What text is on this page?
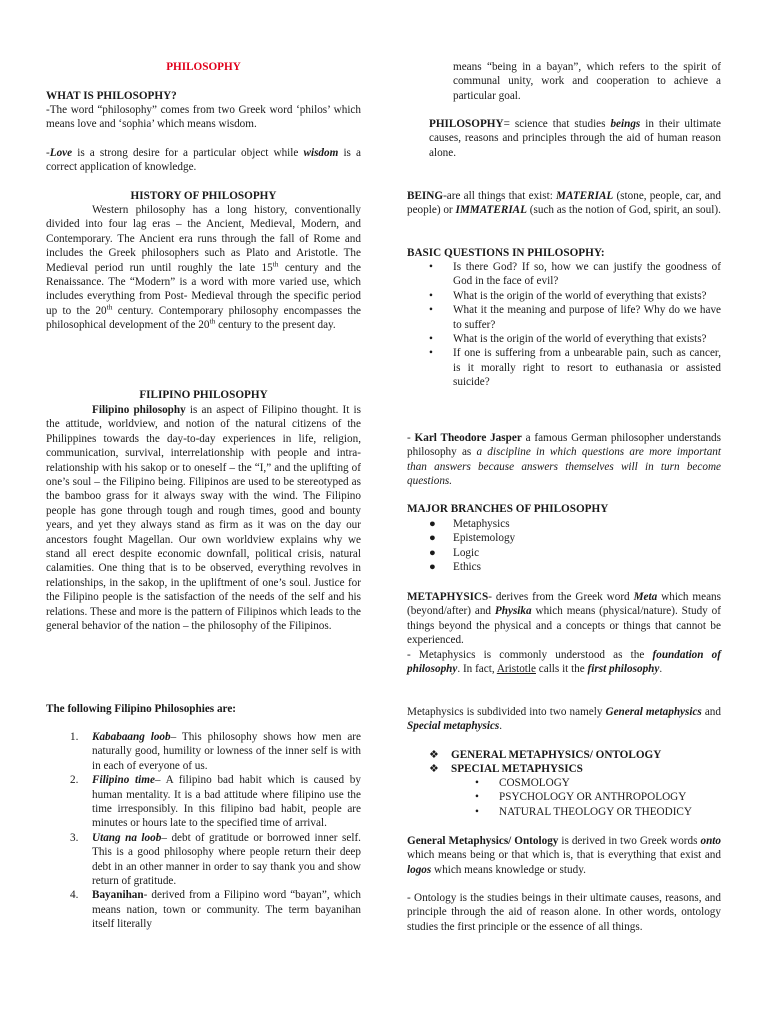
PHILOSOPHY

WHAT IS PHILOSOPHY?

-The word “philosophy” comes from two Greek word ‘philos’ which means love and ‘sophia’ which means wisdom.

-Love is a strong desire for a particular object while wisdom is a correct application of knowledge.

HISTORY OF PHILOSOPHY

Western philosophy has a long history, conventionally divided into four lag eras – the Ancient, Medieval, Modern, and Contemporary. The Ancient era runs through the fall of Rome and includes the Greek philosophers such as Plato and Aristotle. The Medieval period run until roughly the late 15th century and the Renaissance. The “Modern” is a word with more varied use, which includes everything from Post- Medieval through the specific period up to the 20th century. Contemporary philosophy encompasses the philosophical development of the 20th century to the present day.

FILIPINO PHILOSOPHY

Filipino philosophy is an aspect of Filipino thought. It is the attitude, worldview, and notion of the natural citizens of the Philippines towards the day-to-day experiences in life, religion, communication, survival, interrelationship with people and intra-relationship with his sakop or to oneself – the “I,” and the uplifting of one’s soul – the Filipino being. Filipinos are used to be stereotyped as the bamboo grass for it always sway with the wind. The Filipino people has gone through tough and rough times, good and bounty years, and yet they always stand as firm as it was on the day our ancestors fought Magellan. Our own worldview explains why we stand all erect despite economic downfall, political crisis, natural calamities. One thing that is to be observed, everything revolves in relationships, in the sakop, in the upliftment of one’s soul. Justice for the Filipino people is the satisfaction of the needs of the self and his relations. These and more is the pattern of Filipinos which leads to the general behavior of the nation – the philosophy of the Filipinos.

The following Filipino Philosophies are:

1. Kababaang loob– This philosophy shows how men are naturally good, humility or lowness of the inner self is with in each of everyone of us.
2. Filipino time– A filipino bad habit which is caused by human mentality. It is a bad attitude where filipino use the time irresponsibly. In this filipino bad habit, people are minutes or hours late to the specified time of arrival.
3. Utang na loob– debt of gratitude or borrowed inner self. This is a good philosophy where people return their deep debt in an other manner in order to say thank you and show return of gratitude.
4. Bayanihan- derived from a Filipino word “bayan”, which means nation, town or community. The term bayanihan itself literally

means “being in a bayan”, which refers to the spirit of communal unity, work and cooperation to achieve a particular goal.

PHILOSOPHY= science that studies beings in their ultimate causes, reasons and principles through the aid of human reason alone.

BEING-are all things that exist: MATERIAL (stone, people, car, and people) or IMMATERIAL (such as the notion of God, spirit, an soul).

BASIC QUESTIONS IN PHILOSOPHY:

• Is there God? If so, how we can justify the goodness of God in the face of evil?
• What is the origin of the world of everything that exists?
• What it the meaning and purpose of life? Why do we have to suffer?
• What is the origin of the world of everything that exists?
• If one is suffering from a unbearable pain, such as cancer, is it morally right to resort to euthanasia or assisted suicide?

- Karl Theodore Jasper a famous German philosopher understands philosophy as a discipline in which questions are more important than answers because answers themselves will in turn become questions.

MAJOR BRANCHES OF PHILOSOPHY

● Metaphysics
● Epistemology
● Logic
● Ethics

METAPHYSICS- derives from the Greek word Meta which means (beyond/after) and Physika which means (physical/nature). Study of things beyond the physical and a concepts or things that cannot be experienced.

- Metaphysics is commonly understood as the foundation of philosophy. In fact, Aristotle calls it the first philosophy.

Metaphysics is subdivided into two namely General metaphysics and Special metaphysics.

❖ GENERAL METAPHYSICS/ ONTOLOGY

❖ SPECIAL METAPHYSICS

• COSMOLOGY
• PSYCHOLOGY OR ANTHROPOLOGY
• NATURAL THEOLOGY OR THEODICY

General Metaphysics/ Ontology is derived in two Greek words onto which means being or that which is, that is everything that exist and logos which means knowledge or study.

- Ontology is the studies beings in their ultimate causes, reasons, and principle through the aid of reason alone. In other words, ontology studies the first principle or the essence of all things.
